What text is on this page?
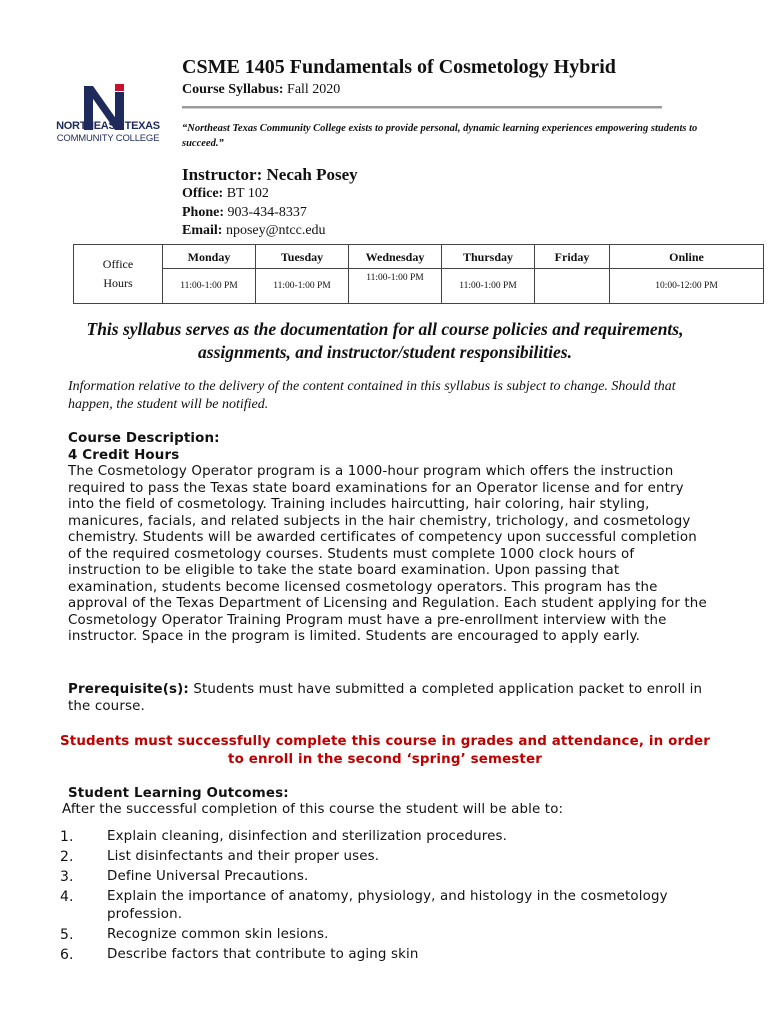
NORTHEAST TEXAS
COMMUNITY COLLEGE
CSME 1405 Fundamentals of Cosmetology Hybrid
Course Syllabus: Fall 2020
“Northeast Texas Community College exists to provide personal, dynamic learning experiences empowering students to succeed.”
Instructor: Necah Posey
Office: BT 102
Phone: 903-434-8337
Email: nposey@ntcc.edu
Office
Hours	Monday	Tuesday	Wednesday	Thursday	Friday	Online
	11:00-1:00 PM	11:00-1:00 PM	11:00-1:00 PM	11:00-1:00 PM		10:00-12:00 PM
This syllabus serves as the documentation for all course policies and requirements, assignments, and instructor/student responsibilities.
Information relative to the delivery of the content contained in this syllabus is subject to change. Should that happen, the student will be notified.
Course Description:
4 Credit Hours
The Cosmetology Operator program is a 1000-hour program which offers the instruction required to pass the Texas state board examinations for an Operator license and for entry into the field of cosmetology. Training includes haircutting, hair coloring, hair styling, manicures, facials, and related subjects in the hair chemistry, trichology, and cosmetology chemistry. Students will be awarded certificates of competency upon successful completion of the required cosmetology courses. Students must complete 1000 clock hours of instruction to be eligible to take the state board examination. Upon passing that examination, students become licensed cosmetology operators. This program has the approval of the Texas Department of Licensing and Regulation. Each student applying for the Cosmetology Operator Training Program must have a pre-enrollment interview with the instructor. Space in the program is limited. Students are encouraged to apply early.
Prerequisite(s): Students must have submitted a completed application packet to enroll in the course.
Students must successfully complete this course in grades and attendance, in order to enroll in the second ‘spring’ semester
Student Learning Outcomes:
After the successful completion of this course the student will be able to:
1. Explain cleaning, disinfection and sterilization procedures.
2. List disinfectants and their proper uses.
3. Define Universal Precautions.
4. Explain the importance of anatomy, physiology, and histology in the cosmetology profession.
5. Recognize common skin lesions.
6. Describe factors that contribute to aging skin
